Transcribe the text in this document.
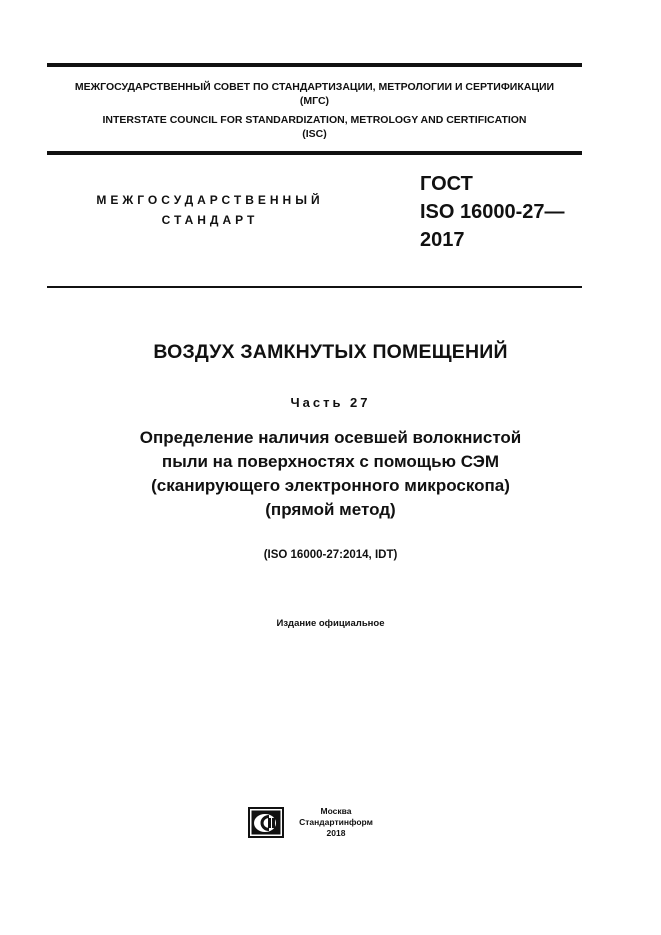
МЕЖГОСУДАРСТВЕННЫЙ СОВЕТ ПО СТАНДАРТИЗАЦИИ, МЕТРОЛОГИИ И СЕРТИФИКАЦИИ
(МГС)
INTERSTATE COUNCIL FOR STANDARDIZATION, METROLOGY AND CERTIFICATION
(ISC)
МЕЖГОСУДАРСТВЕННЫЙ
СТАНДАРТ
ГОСТ
ISO 16000-27—
2017
ВОЗДУХ ЗАМКНУТЫХ ПОМЕЩЕНИЙ
Часть 27
Определение наличия осевшей волокнистой
пыли на поверхностях с помощью СЭМ
(сканирующего электронного микроскопа)
(прямой метод)
(ISO 16000-27:2014, IDT)
Издание официальное
Москва
Стандартинформ
2018
